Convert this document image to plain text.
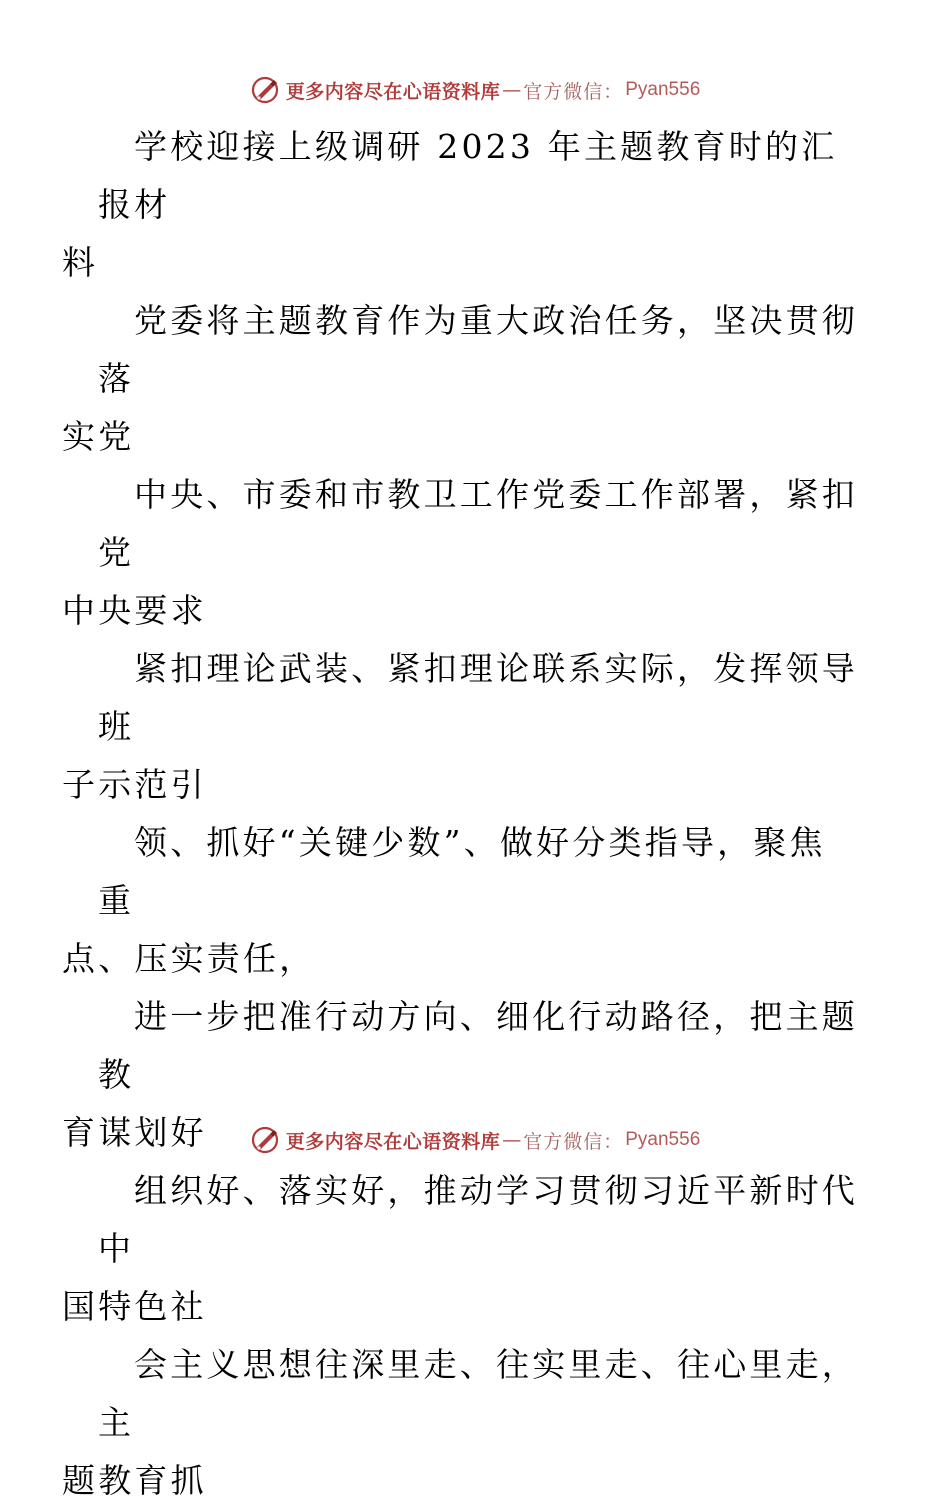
更多内容尽在心语资料库 — 官方微信： Pyan556

学校迎接上级调研 2023 年主题教育时的汇报材
料

党委将主题教育作为重大政治任务，坚决贯彻落
实党

中央、市委和市教卫工作党委工作部署，紧扣党
中央要求

紧扣理论武装、紧扣理论联系实际，发挥领导班
子示范引

领、抓好“关键少数”、做好分类指导，聚焦重
点、压实责任，

进一步把准行动方向、细化行动路径，把主题教
育谋划好

组织好、落实好，推动学习贯彻习近平新时代中
国特色社

会主义思想往深里走、往实里走、往心里走，主
题教育抓

更多内容尽在心语资料库 — 官方微信： Pyan556
